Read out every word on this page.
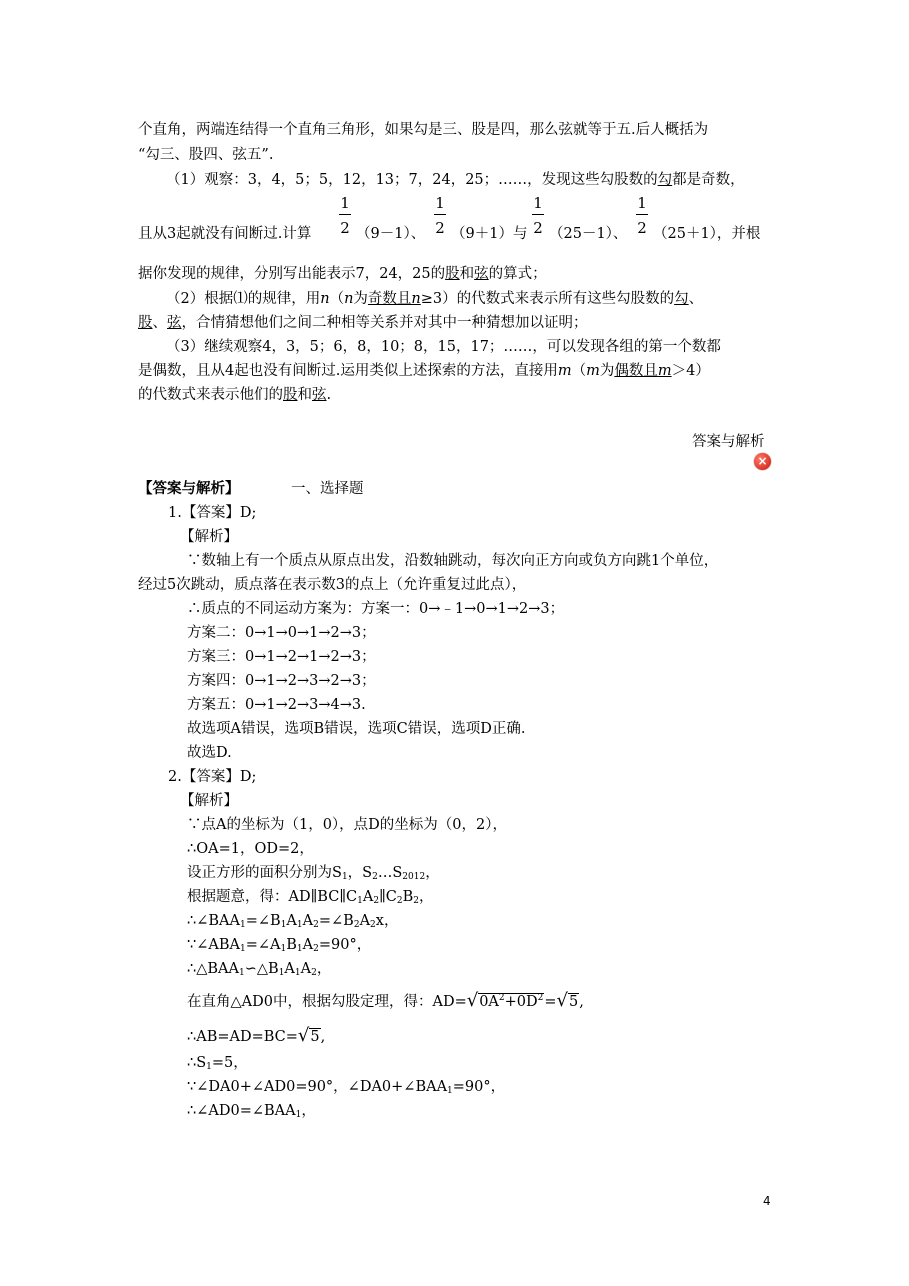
个直角，两端连结得一个直角三角形，如果勾是三、股是四，那么弦就等于五.后人概括为
“勾三、股四、弦五”.
（1）观察：3，4，5；5，12，13；7，24，25；……，发现这些勾股数的勾都是奇数，
1
2
1
2
1
2
1
2
且从3起就没有间断过.计算	（9－1）、 （9＋1）与 （25－1）、 （25＋1），并根
据你发现的规律，分别写出能表示7，24，25的股和弦的算式；
（2）根据⑴的规律，用n（n为奇数且n≥3）的代数式来表示所有这些勾股数的勾、
股、弦，合情猜想他们之间二种相等关系并对其中一种猜想加以证明；
（3）继续观察4，3，5；6，8，10；8，15，17；……，可以发现各组的第一个数都
是偶数，且从4起也没有间断过.运用类似上述探索的方法，直接用m（m为偶数且m＞4）
的代数式来表示他们的股和弦.
答案与解析
×
【答案与解析】	一、选择题
1.【答案】D;
【解析】
∵数轴上有一个质点从原点出发，沿数轴跳动，每次向正方向或负方向跳1个单位，
经过5次跳动，质点落在表示数3的点上（允许重复过此点），
∴质点的不同运动方案为：方案一：0→﹣1→0→1→2→3；
方案二：0→1→0→1→2→3；
方案三：0→1→2→1→2→3；
方案四：0→1→2→3→2→3；
方案五：0→1→2→3→4→3.
故选项A错误，选项B错误，选项C错误，选项D正确.
故选D.
2.【答案】D;
【解析】
∵点A的坐标为（1，0），点D的坐标为（0，2），
∴OA=1，OD=2，
设正方形的面积分别为$S_1$，$S_2\dots S_{2012}$，
根据题意，得：$AD\parallel BC\parallel C_1A_2\parallel C_2B_2$，
$\therefore\angle BAA_1=\angle B_1A_1A_2=\angle B_2A_2x$，
$\because\angle ABA_1=\angle A_1B_1A_2=90^\circ$，
$\therefore\triangle BAA_1∽\triangle B_1A_1A_2$，
在直角△AD0中，根据勾股定理，得：$AD=√0A^2+0D^2=√5$,
∴AB=AD=BC=√5,
$\therefore S_1=5$，
∵∠DA0+∠AD0=90°，$\angle DA0+\angle BAA_1=90^\circ$，
$\therefore\angle AD0=\angle BAA_1$，
4
